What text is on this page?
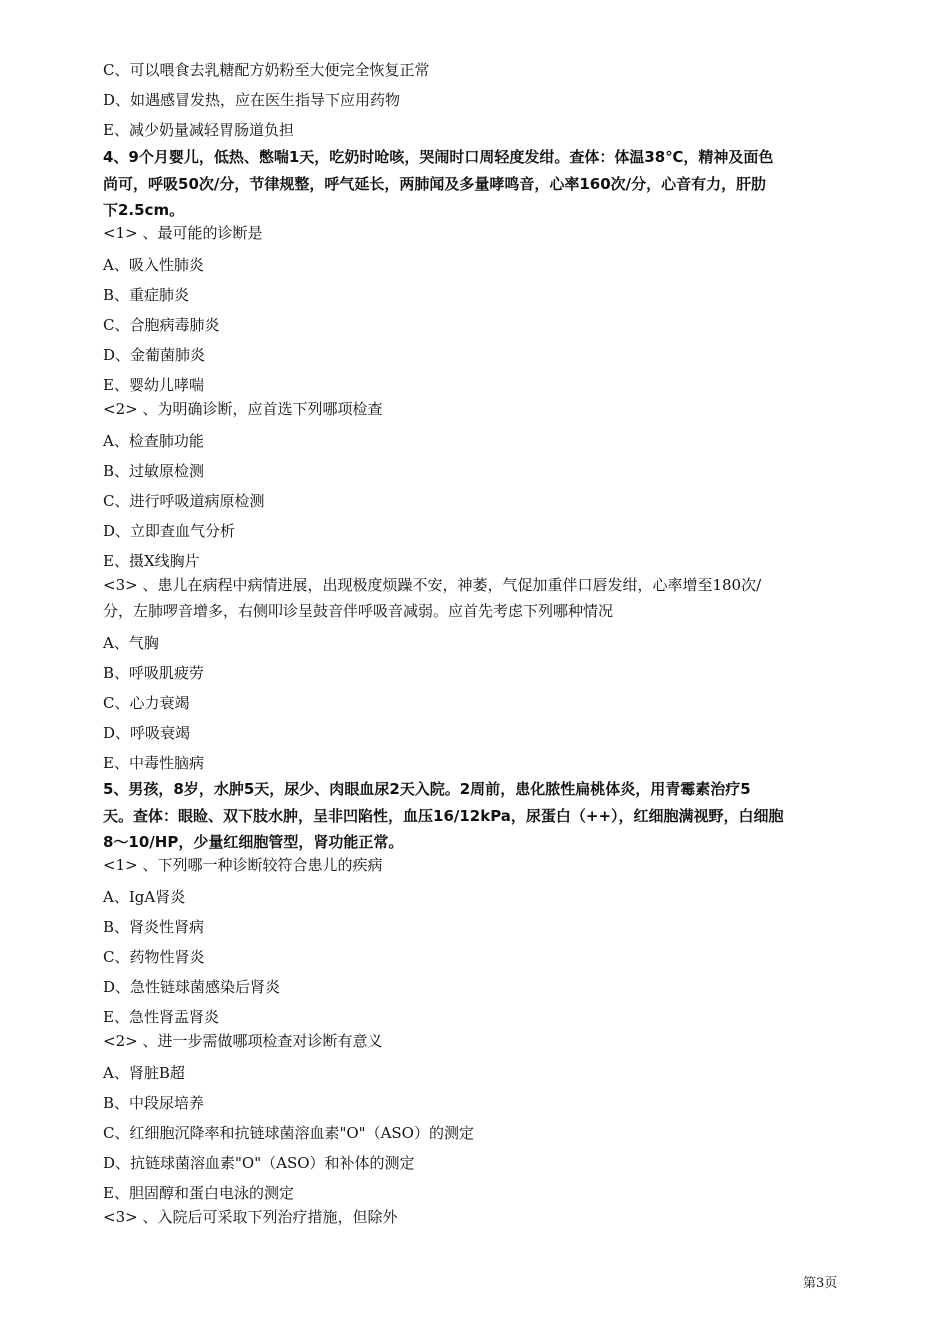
C、可以喂食去乳糖配方奶粉至大便完全恢复正常
D、如遇感冒发热，应在医生指导下应用药物
E、减少奶量减轻胃肠道负担
4、9个月婴儿，低热、憋喘1天，吃奶时呛咳，哭闹时口周轻度发绀。查体：体温38℃，精神及面色
尚可，呼吸50次/分，节律规整，呼气延长，两肺闻及多量哮鸣音，心率160次/分，心音有力，肝肋
下2.5cm。
<1> 、最可能的诊断是
A、吸入性肺炎
B、重症肺炎
C、合胞病毒肺炎
D、金葡菌肺炎
E、婴幼儿哮喘
<2> 、为明确诊断，应首选下列哪项检查
A、检查肺功能
B、过敏原检测
C、进行呼吸道病原检测
D、立即查血气分析
E、摄X线胸片
<3> 、患儿在病程中病情进展，出现极度烦躁不安，神萎，气促加重伴口唇发绀，心率增至180次/
分，左肺啰音增多，右侧叩诊呈鼓音伴呼吸音减弱。应首先考虑下列哪种情况
A、气胸
B、呼吸肌疲劳
C、心力衰竭
D、呼吸衰竭
E、中毒性脑病
5、男孩，8岁，水肿5天，尿少、肉眼血尿2天入院。2周前，患化脓性扁桃体炎，用青霉素治疗5
天。查体：眼睑、双下肢水肿，呈非凹陷性，血压16/12kPa，尿蛋白（++），红细胞满视野，白细胞
8～10/HP，少量红细胞管型，肾功能正常。
<1> 、下列哪一种诊断较符合患儿的疾病
A、IgA肾炎
B、肾炎性肾病
C、药物性肾炎
D、急性链球菌感染后肾炎
E、急性肾盂肾炎
<2> 、进一步需做哪项检查对诊断有意义
A、肾脏B超
B、中段尿培养
C、红细胞沉降率和抗链球菌溶血素"O"（ASO）的测定
D、抗链球菌溶血素"O"（ASO）和补体的测定
E、胆固醇和蛋白电泳的测定
<3> 、入院后可采取下列治疗措施，但除外
第3页
